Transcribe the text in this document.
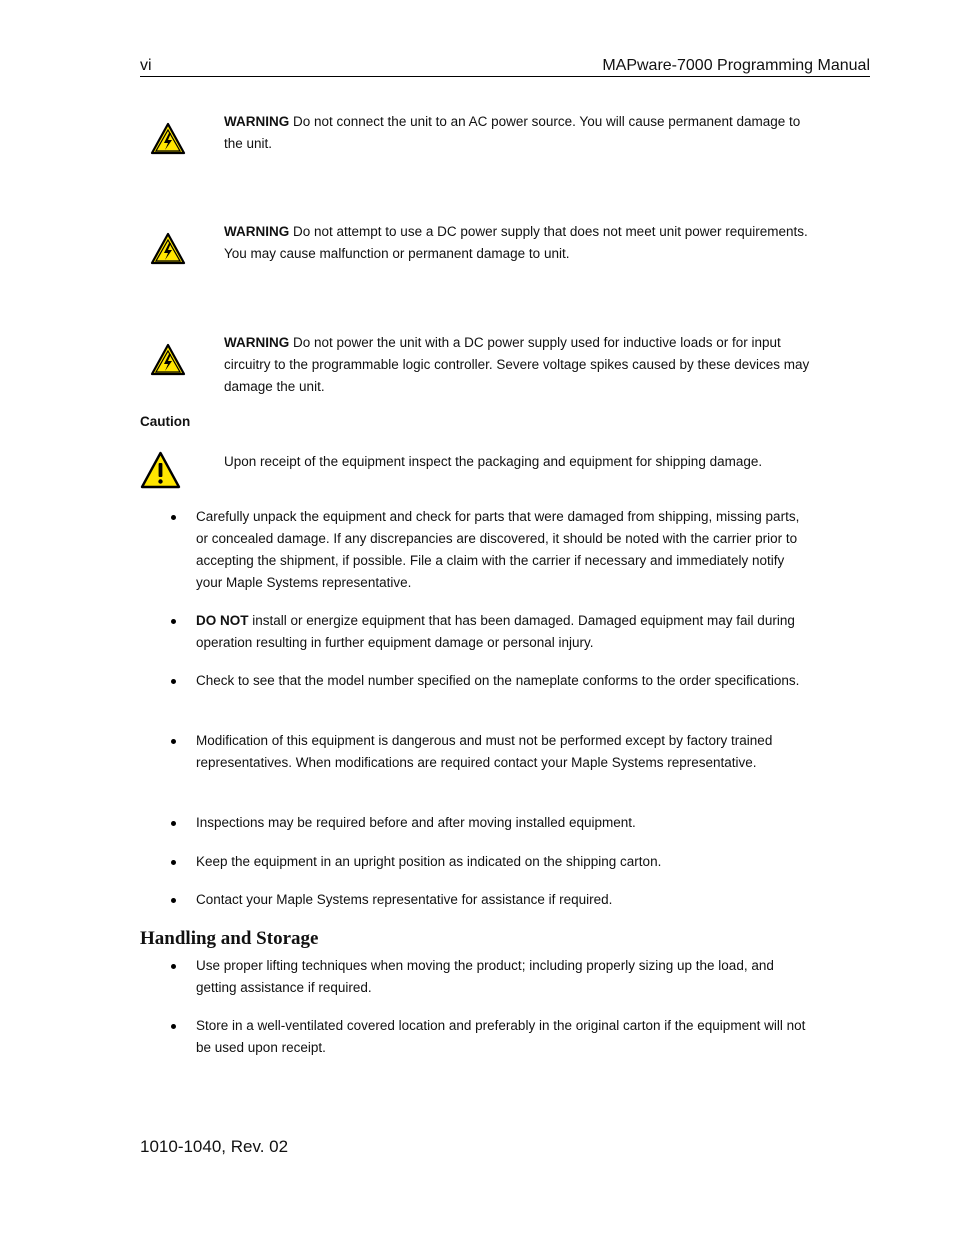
vi	MAPware-7000 Programming Manual
WARNING Do not connect the unit to an AC power source. You will cause permanent damage to the unit.
WARNING Do not attempt to use a DC power supply that does not meet unit power requirements. You may cause malfunction or permanent damage to unit.
WARNING Do not power the unit with a DC power supply used for inductive loads or for input circuitry to the programmable logic controller. Severe voltage spikes caused by these devices may damage the unit.
Caution
Upon receipt of the equipment inspect the packaging and equipment for shipping damage.
Carefully unpack the equipment and check for parts that were damaged from shipping, missing parts, or concealed damage. If any discrepancies are discovered, it should be noted with the carrier prior to accepting the shipment, if possible. File a claim with the carrier if necessary and immediately notify your Maple Systems representative.
DO NOT install or energize equipment that has been damaged. Damaged equipment may fail during operation resulting in further equipment damage or personal injury.
Check to see that the model number specified on the nameplate conforms to the order specifications.
Modification of this equipment is dangerous and must not be performed except by factory trained representatives. When modifications are required contact your Maple Systems representative.
Inspections may be required before and after moving installed equipment.
Keep the equipment in an upright position as indicated on the shipping carton.
Contact your Maple Systems representative for assistance if required.
Handling and Storage
Use proper lifting techniques when moving the product; including properly sizing up the load, and getting assistance if required.
Store in a well-ventilated covered location and preferably in the original carton if the equipment will not be used upon receipt.
1010-1040, Rev. 02
